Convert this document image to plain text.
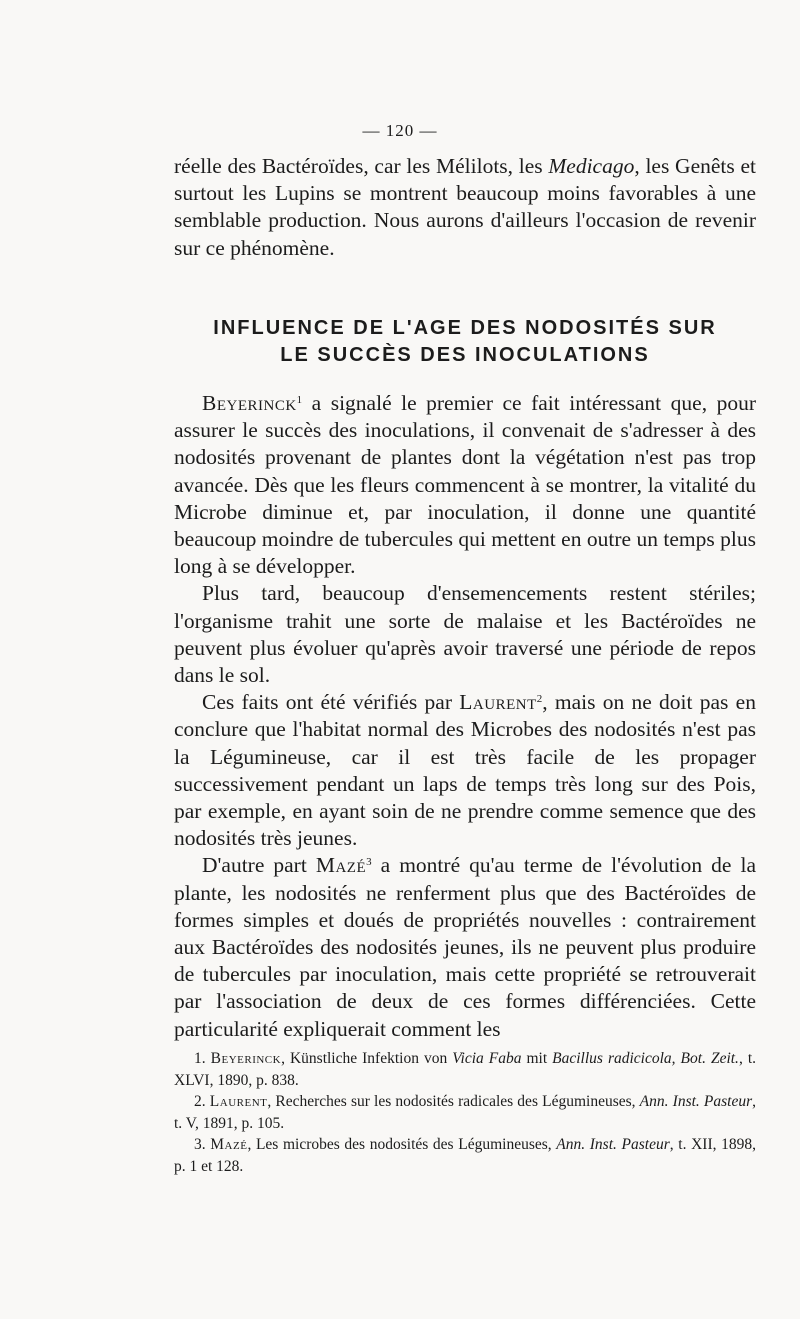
— 120 —

réelle des Bactéroïdes, car les Mélilots, les Medicago, les Genêts et surtout les Lupins se montrent beaucoup moins favorables à une semblable production. Nous aurons d'ailleurs l'occasion de revenir sur ce phénomène.

INFLUENCE DE L'AGE DES NODOSITÉS SUR
LE SUCCÈS DES INOCULATIONS

Beyerinck$^1$ a signalé le premier ce fait intéressant que, pour assurer le succès des inoculations, il convenait de s'adresser à des nodosités provenant de plantes dont la végétation n'est pas trop avancée. Dès que les fleurs commencent à se montrer, la vitalité du Microbe diminue et, par inoculation, il donne une quantité beaucoup moindre de tubercules qui mettent en outre un temps plus long à se développer.

Plus tard, beaucoup d'ensemencements restent stériles; l'organisme trahit une sorte de malaise et les Bactéroïdes ne peuvent plus évoluer qu'après avoir traversé une période de repos dans le sol.

Ces faits ont été vérifiés par Laurent$^2$, mais on ne doit pas en conclure que l'habitat normal des Microbes des nodosités n'est pas la Légumineuse, car il est très facile de les propager successivement pendant un laps de temps très long sur des Pois, par exemple, en ayant soin de ne prendre comme semence que des nodosités très jeunes.

D'autre part Mazé$^3$ a montré qu'au terme de l'évolution de la plante, les nodosités ne renferment plus que des Bactéroïdes de formes simples et doués de propriétés nouvelles : contrairement aux Bactéroïdes des nodosités jeunes, ils ne peuvent plus produire de tubercules par inoculation, mais cette propriété se retrouverait par l'association de deux de ces formes différenciées. Cette particularité expliquerait comment les

1. Beyerinck, Künstliche Infektion von Vicia Faba mit Bacillus radicicola, Bot. Zeit., t. XLVI, 1890, p. 838.

2. Laurent, Recherches sur les nodosités radicales des Légumineuses, Ann. Inst. Pasteur, t. V, 1891, p. 105.

3. Mazé, Les microbes des nodosités des Légumineuses, Ann. Inst. Pasteur, t. XII, 1898, p. 1 et 128.
